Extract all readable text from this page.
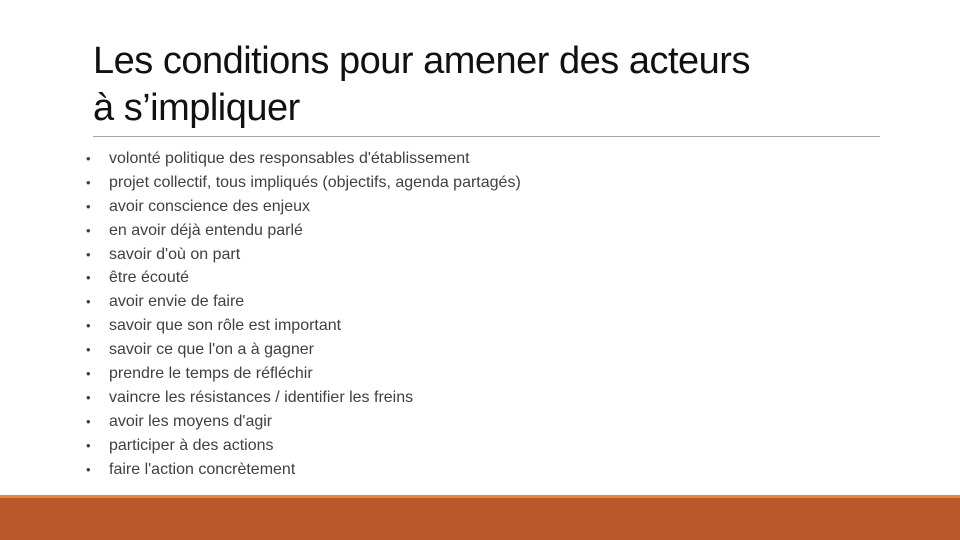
Les conditions pour amener des acteurs
à s’impliquer
•	volonté politique des responsables d'établissement
•	projet collectif, tous impliqués (objectifs, agenda partagés)
•	avoir conscience des enjeux
•	en avoir déjà entendu parlé
•	savoir d'où on part
•	être écouté
•	avoir envie de faire
•	savoir que son rôle est important
•	savoir ce que l'on a à gagner
•	prendre le temps de réfléchir
•	vaincre les résistances / identifier les freins
•	avoir les moyens d'agir
•	participer à des actions
•	faire l'action concrètement
